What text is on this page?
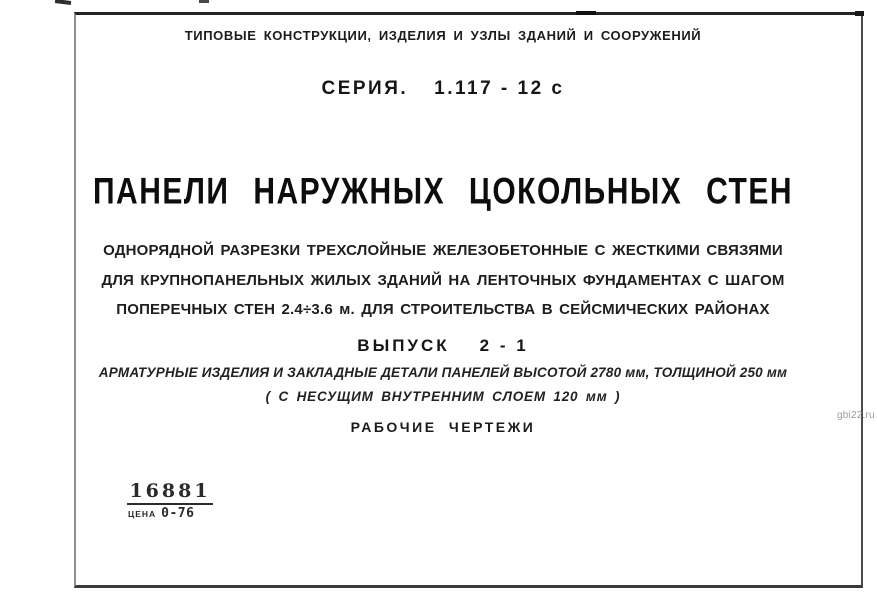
ТИПОВЫЕ КОНСТРУКЦИИ, ИЗДЕЛИЯ И УЗЛЫ ЗДАНИЙ И СООРУЖЕНИЙ
СЕРИЯ. 1.117 - 12 с
ПАНЕЛИ НАРУЖНЫХ ЦОКОЛЬНЫХ СТЕН
ОДНОРЯДНОЙ РАЗРЕЗКИ ТРЕХСЛОЙНЫЕ ЖЕЛЕЗОБЕТОННЫЕ С ЖЕСТКИМИ СВЯЗЯМИ
ДЛЯ КРУПНОПАНЕЛЬНЫХ ЖИЛЫХ ЗДАНИЙ НА ЛЕНТОЧНЫХ ФУНДАМЕНТАХ С ШАГОМ
ПОПЕРЕЧНЫХ СТЕН 2.4÷3.6 м. ДЛЯ СТРОИТЕЛЬСТВА В СЕЙСМИЧЕСКИХ РАЙОНАХ
ВЫПУСК 2 - 1
АРМАТУРНЫЕ ИЗДЕЛИЯ И ЗАКЛАДНЫЕ ДЕТАЛИ ПАНЕЛЕЙ ВЫСОТОЙ 2780 мм, ТОЛЩИНОЙ 250 мм
( С НЕСУЩИМ ВНУТРЕННИМ СЛОЕМ 120 мм )
РАБОЧИЕ ЧЕРТЕЖИ
16881
ЦЕНА 0-76
gbi22.ru
